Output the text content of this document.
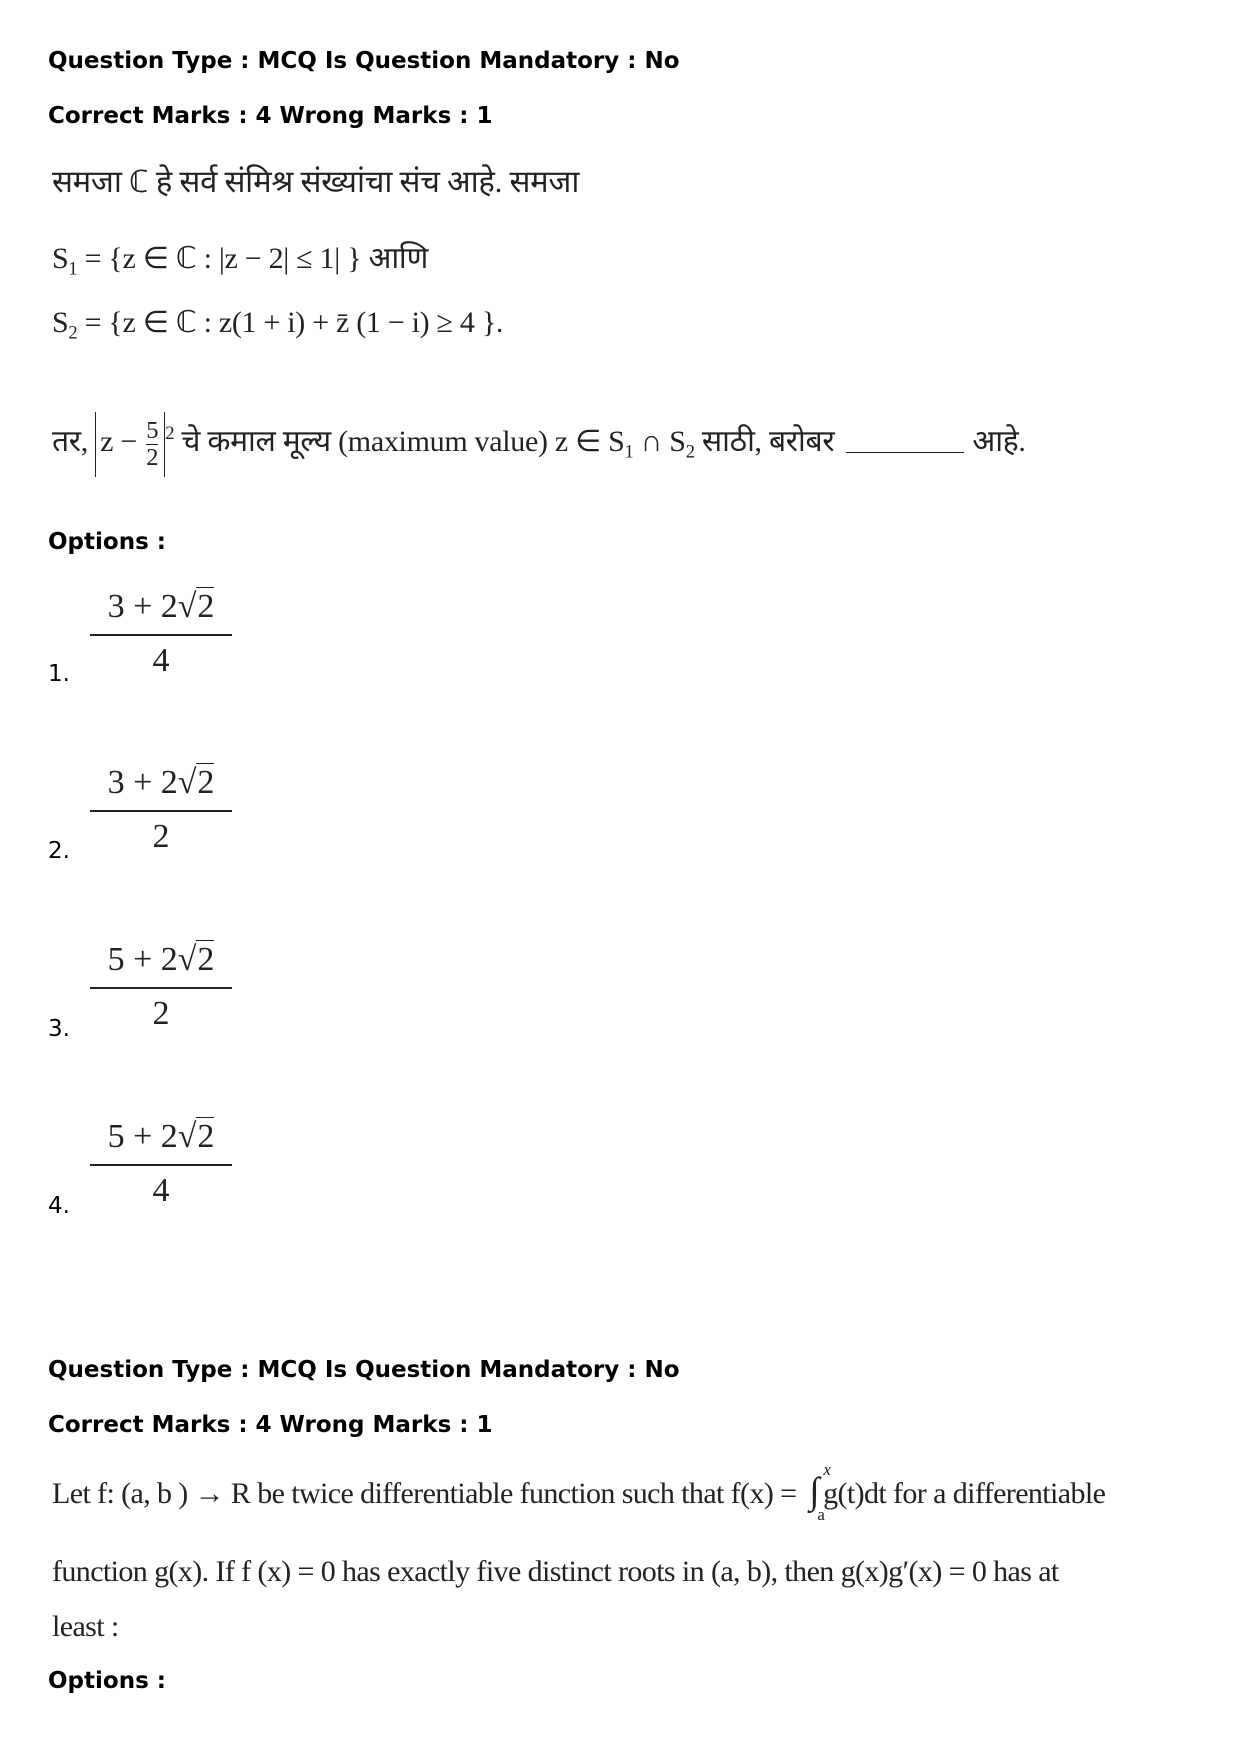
Question Type : MCQ Is Question Mandatory : No
Correct Marks : 4 Wrong Marks : 1
समजा ℂ हे सर्व संमिश्र संख्यांचा संच आहे. समजा
$S_1 = \{z$ ∈ ℂ : |z − 2| ≤ 1| } आणि
$S_2 = \{z$ ∈ ℂ : z(1 + i) + z̄ (1 − i) ≥ 4 }.
तर, $z - \frac{5}{2} ^2$ चे कमाल मूल्य (maximum value) z ∈ $S_1$ ∩ $S_2$ साठी, बरोबर	आहे.
Options :
$\frac{3 + 2√2}{4}$
1.
$\frac{3 + 2√2}{2}$
2.
$\frac{5 + 2√2}{2}$
3.
$\frac{5 + 2√2}{4}$
4.
Question Type : MCQ Is Question Mandatory : No
Correct Marks : 4 Wrong Marks : 1
Let f: (a, b ) → R be twice differentiable function such that f(x) = ∫
x
a
g(t)dt for a differentiable
function g(x). If f (x) = 0 has exactly five distinct roots in (a, b), then g(x)g′(x) = 0 has at
least :
Options :
